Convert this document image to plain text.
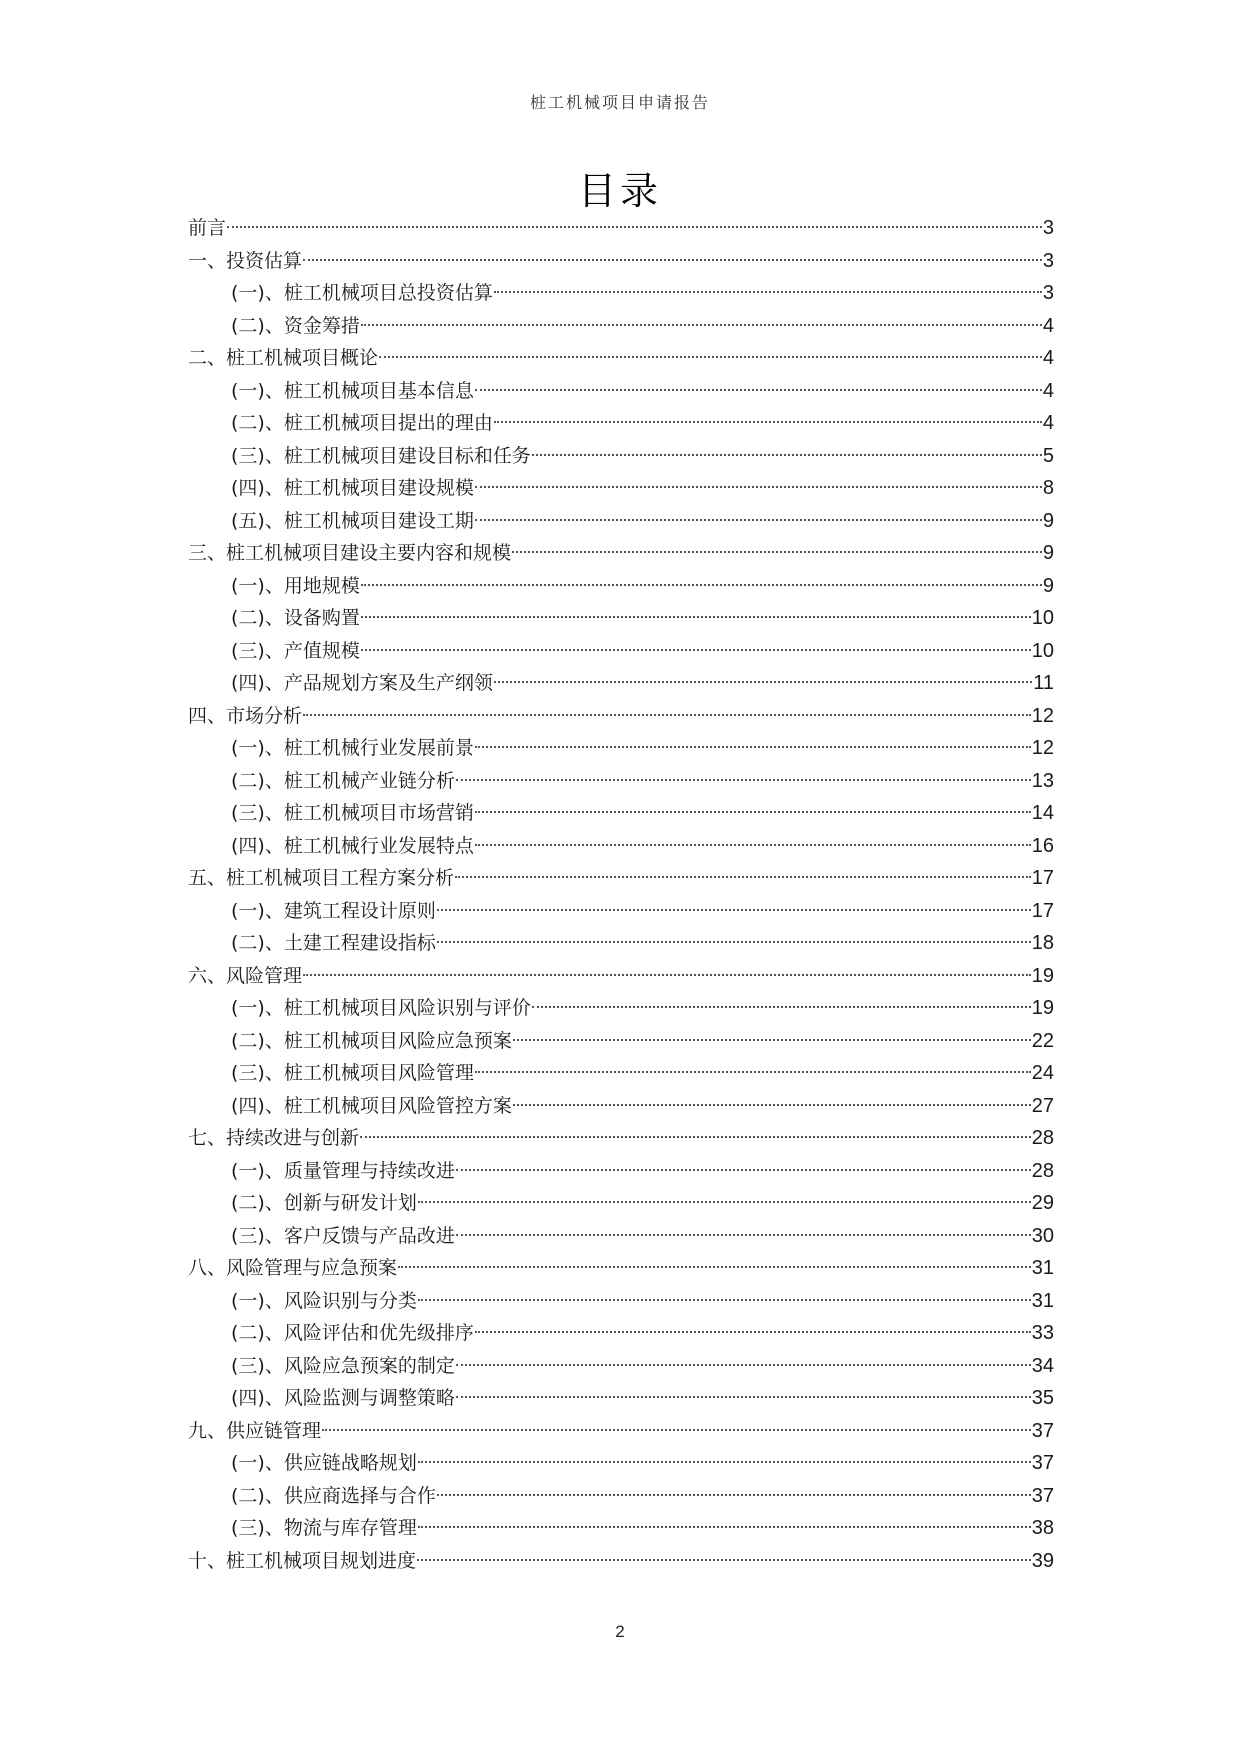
桩工机械项目申请报告
目录
前言	3
一、投资估算	3
(一)、桩工机械项目总投资估算	3
(二)、资金筹措	4
二、桩工机械项目概论	4
(一)、桩工机械项目基本信息	4
(二)、桩工机械项目提出的理由	4
(三)、桩工机械项目建设目标和任务	5
(四)、桩工机械项目建设规模	8
(五)、桩工机械项目建设工期	9
三、桩工机械项目建设主要内容和规模	9
(一)、用地规模	9
(二)、设备购置	10
(三)、产值规模	10
(四)、产品规划方案及生产纲领	11
四、市场分析	12
(一)、桩工机械行业发展前景	12
(二)、桩工机械产业链分析	13
(三)、桩工机械项目市场营销	14
(四)、桩工机械行业发展特点	16
五、桩工机械项目工程方案分析	17
(一)、建筑工程设计原则	17
(二)、土建工程建设指标	18
六、风险管理	19
(一)、桩工机械项目风险识别与评价	19
(二)、桩工机械项目风险应急预案	22
(三)、桩工机械项目风险管理	24
(四)、桩工机械项目风险管控方案	27
七、持续改进与创新	28
(一)、质量管理与持续改进	28
(二)、创新与研发计划	29
(三)、客户反馈与产品改进	30
八、风险管理与应急预案	31
(一)、风险识别与分类	31
(二)、风险评估和优先级排序	33
(三)、风险应急预案的制定	34
(四)、风险监测与调整策略	35
九、供应链管理	37
(一)、供应链战略规划	37
(二)、供应商选择与合作	37
(三)、物流与库存管理	38
十、桩工机械项目规划进度	39
2
